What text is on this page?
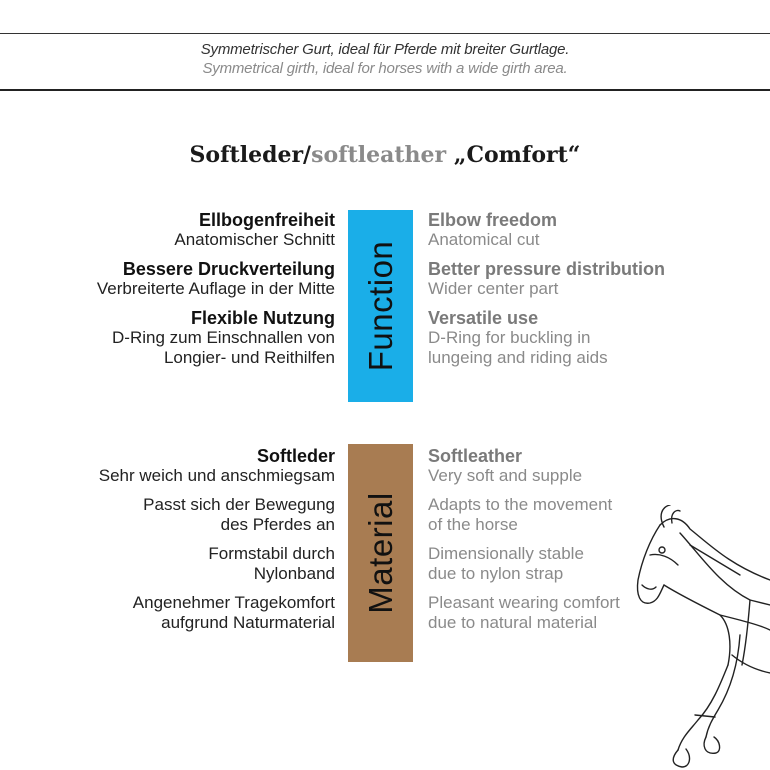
Symmetrischer Gurt, ideal für Pferde mit breiter Gurtlage.
Symmetrical girth, ideal for horses with a wide girth area.
Softleder/softleather „Comfort“
Ellbogenfreiheit
Anatomischer Schnitt
Bessere Druckverteilung
Verbreiterte Auflage in der Mitte
Flexible Nutzung
D-Ring zum Einschnallen von
Longier- und Reithilfen Function
Elbow freedom
Anatomical cut
Better pressure distribution
Wider center part
Versatile use
D-Ring for buckling in
lungeing and riding aids
Softleder
Sehr weich und anschmiegsam
Passt sich der Bewegung
des Pferdes an
Formstabil durch
Nylonband
Angenehmer Tragekomfort
aufgrund Naturmaterial
Material
Softleather
Very soft and supple
Adapts to the movement
of the horse
Dimensionally stable
due to nylon strap
Pleasant wearing comfort
due to natural material
